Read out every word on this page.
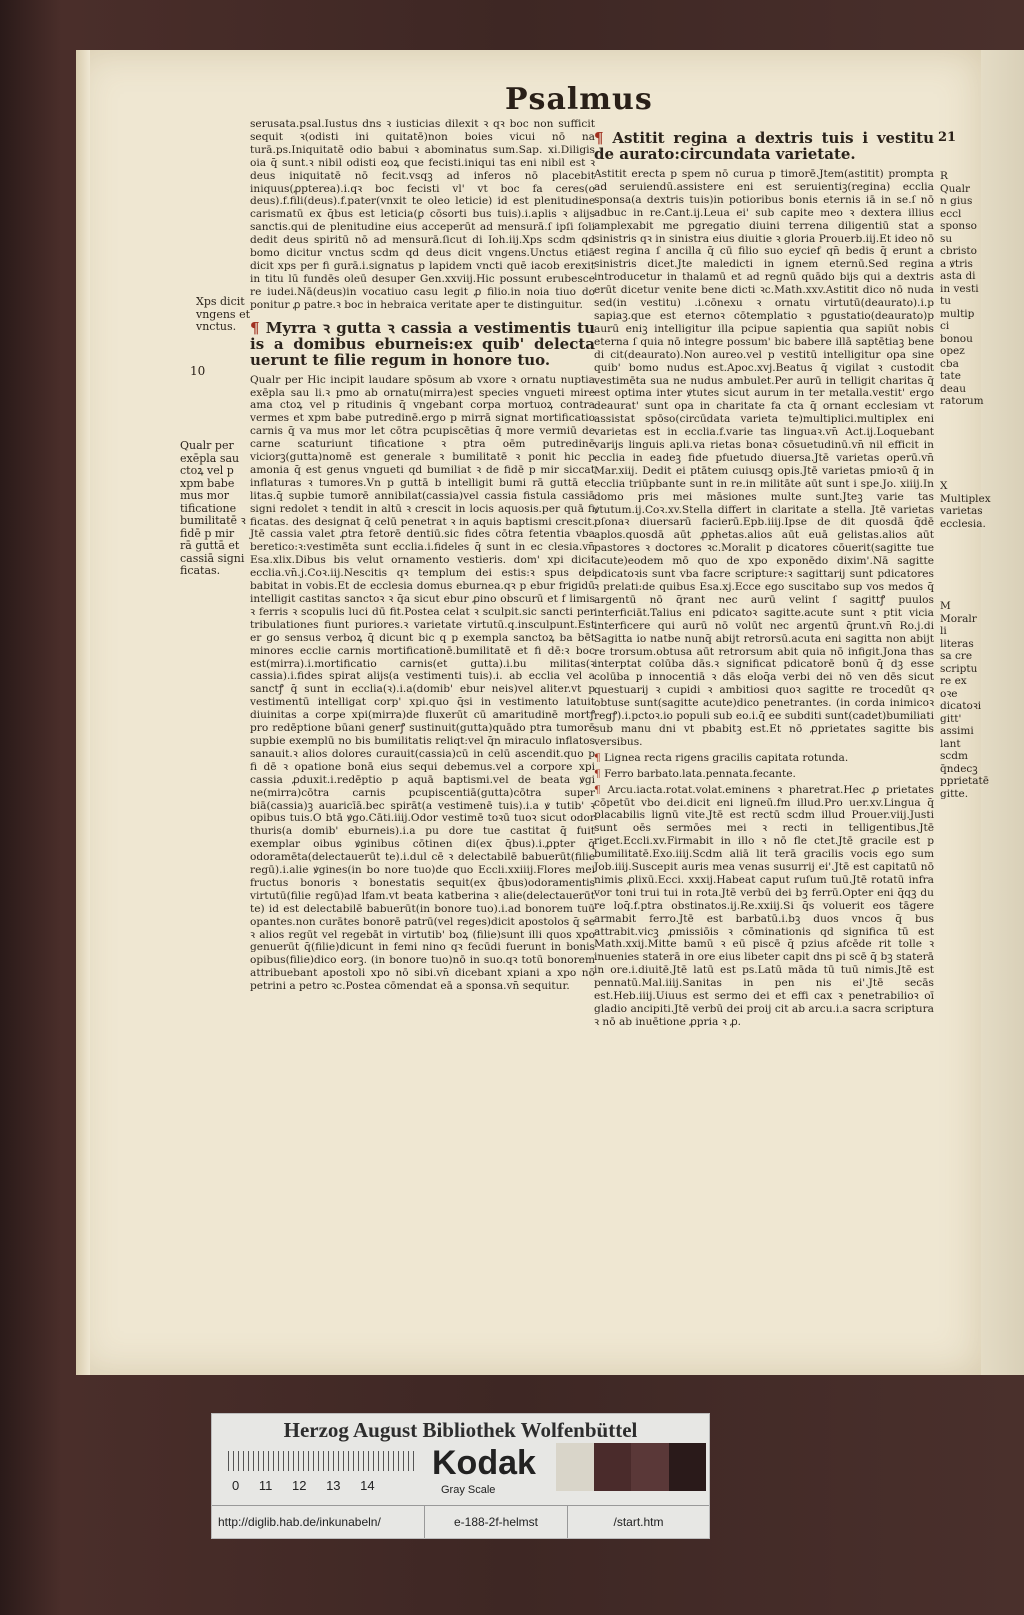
Psalmus
21
10
Xps dicit vngens et vnctus.
Qualr per exēpla sau ctoꝝ vel p xpm babe mus mor tificatione bumilitatē ꝛ fidē p mir rā guttā et cassiā signi ficatas.

serusata.psal.Iustus dns ꝛ iusticias dilexit ꝛ qꝛ boc non sufficit sequit ꝛ(odisti ini quitatē)non boies vicui nō na turā.ps.Iniquitatē odio babui ꝛ abominatus sum.Sap. xi.Diligis oia q̄ sunt.ꝛ nibil odisti eoꝝ que fecisti.iniqui tas eni nibil est ꝛ deus iniquitatē nō fecit.vsqꝫ ad inferos nō placebit iniquus(ꝓpterea).i.qꝛ boc fecisti vl' vt boc fa ceres(o deus).f.fili(deus).f.pater(vnxit te oleo leticie) id est plenitudine carismatū ex q̄bus est leticia(ꝑ cōsorti bus tuis).i.aplis ꝛ alijs sanctis.qui de plenitudine eius acceperūt ad mensurā.ſ ipſi ſoli dedit deus spiritū nō ad mensurā.ſicut di Ioh.iij.Xps scdm qd bomo dicitur vnctus scdm qd deus dicit vngens.Unctus etiā dicit xps per fi gurā.i.signatus p lapidem vncti quē iacob erexit in titu lū fundēs oleū desuper Gen.xxviij.Hic possunt erubesce re iudei.Nā(deus)in vocatiuo casu legit ꝓ filio.in noia tiuo do ponitur ꝓ patre.ꝛ boc in hebraica veritate aper te distinguitur.

¶ Myrra ꝛ gutta ꝛ cassia a vestimentis tu is a domibus eburneis:ex quib' delecta uerunt te filie regum in honore tuo.

Qualr per Hic incipit laudare spōsum ab vxore ꝛ ornatu nuptia exēpla sau li.ꝛ pmo ab ornatu(mirra)est species vngueti mire ama ctoꝝ vel p ritudinis q̄ vngebant corpa mortuoꝝ contra vermes et xpm babe putredinē.ergo p mirrā signat mortificatio carnis q̄ va mus mor let cōtra pcupiscētias q̄ more vermiū de carne scaturiunt tificatione ꝛ ptra oēm putredinē viciorꝫ(gutta)nomē est generale ꝛ bumilitatē ꝛ ponit hic p amonia q̄ est genus vngueti qd bumiliat ꝛ de fidē p mir siccat inflaturas ꝛ tumores.Vn p guttā b intelligit bumi rā guttā et litas.q̄ supbie tumorē annibilat(cassia)vel cassia fistula cassiā signi redolet ꝛ tendit in altū ꝛ crescit in locis aquosis.per quā fi ficatas. des designat q̄ celū penetrat ꝛ in aquis baptismi crescit. Jtē cassia valet ꝓtra fetorē dentiū.sic fides cōtra fetentia vba beretico:ꝛ:vestimēta sunt ecclia.i.fideles q̄ sunt in ec clesia.vn̄ Esa.xlix.Dibus bis velut ornamento vestieris. dom' xpi dicit ecclia.vn̄.j.Coꝛ.iij.Nescitis qꝛ templum dei estis:ꝛ spus dei babitat in vobis.Et de ecclesia domus eburnea.qꝛ p ebur frigidū intelligit castitas sanctoꝛ ꝛ q̄a sicut ebur ꝓino obscurū et f limis ꝛ ferris ꝛ scopulis luci dū fit.Postea celat ꝛ sculpit.sic sancti per tribulationes fiunt puriores.ꝛ varietate virtutū.q.insculpunt.Est er go sensus verboꝝ q̄ dicunt bic q p exempla sanctoꝝ ba bēt minores ecclie carnis mortificationē.bumilitatē et fi dē:ꝛ boc est(mirra).i.mortificatio carnis(et gutta).i.bu militas(ꝛ cassia).i.fides spirat alijs(a vestimenti tuis).i. ab ecclia vel a sanctꝭ q̄ sunt in ecclia(ꝛ).i.a(domib' ebur neis)vel aliter.vt p vestimentū intelligat corp' xpi.quo q̄si in vestimento latuit diuinitas a corpe xpi(mirra)de fluxerūt cū amaritudinē mortꝭ pro redēptione būani generꝭ sustinuit(gutta)quādo ptra tumorē supbie exemplū no bis bumilitatis reliqt:vel q̄n miraculo inflatos sanauit.ꝛ alios dolores curauit(cassia)cū in celū ascendit.quo p fi dē ꝛ opatione bonā eius sequi debemus.vel a corpore xpi cassia ꝓduxit.i.redēptio p aquā baptismi.vel de beata ꝟgi ne(mirra)cōtra carnis pcupiscentiā(gutta)cōtra super biā(cassia)ꝫ auaricīā.bec spirāt(a vestimenē tuis).i.a ꝟ tutib' ꝛ opibus tuis.O btā ꝟgo.Cāti.iiij.Odor vestimē toꝛū tuoꝛ sicut odor thuris(a domib' eburneis).i.a pu dore tue castitat q̄ fuit exemplar oibus ꝟginibus cōtinen di(ex q̄bus).i.ꝓpter q̄ odoramēta(delectauerūt te).i.dul cē ꝛ delectabilē babuerūt(filie regū).i.alie ꝟgines(in bo nore tuo)de quo Eccli.xxiiij.Flores mei fructus bonoris ꝛ bonestatis sequit(ex q̄bus)odoramentis virtutū(filie regū)ad lfam.vt beata katberina ꝛ alie(delectauerūt te) id est delectabilē babuerūt(in bonore tuo).i.ad bonorem tuū opantes.non curātes bonorē patrū(vel reges)dicit apostolos q̄ se ꝛ alios regūt vel regebāt in virtutib' boꝝ (filie)sunt illi quos xpo genuerūt q̄(filie)dicunt in femi nino qꝛ fecūdi fuerunt in bonis opibus(filie)dico eorꝫ. (in bonore tuo)nō in suo.qꝛ totū bonorem attribuebant apostoli xpo nō sibi.vn̄ dicebant xpiani a xpo nō petrini a petro ꝛc.Postea cōmendat eā a sponsa.vn̄ sequitur.

¶ Astitit regina a dextris tuis i vestitu de aurato:circundata varietate.

Astitit erecta p spem nō curua p timorē.Jtem(astitit) prompta ad seruiendū.assistere eni est seruientiꝫ(regina) ecclia sponsa(a dextris tuis)in potioribus bonis eternis iā in se.ſ nō adbuc in re.Cant.ij.Leua ei' sub capite meo ꝛ dextera illius amplexabit me pgregatio diuini terrena diligentiū stat a sinistris qꝛ in sinistra eius diuitie ꝛ gloria Prouerb.iij.Et ideo nō est regina ſ ancilla q̄ cū filio suo eycief qn̄ bedis q̄ erunt a sinistris dicet.Jte maledicti in ignem eternū.Sed regina introducetur in thalamū et ad regnū quādo bijs qui a dextris erūt dicetur venite bene dicti ꝛc.Math.xxv.Astitit dico nō nuda sed(in vestitu) .i.cōnexu ꝛ ornatu virtutū(deaurato).i.p sapiaꝫ.que est eternoꝛ cōtemplatio ꝛ pgustatio(deaurato)p aurū eniꝫ intelligitur illa pcipue sapientia qua sapiūt nobis eterna ſ quia nō integre possum' bic babere illā saptētiaꝫ bene di cit(deaurato).Non aureo.vel p vestitū intelligitur opa sine quib' bomo nudus est.Apoc.xvj.Beatus q̄ vigilat ꝛ custodit vestimēta sua ne nudus ambulet.Per aurū in telligit charitas q̄ est optima inter ꝟtutes sicut aurum in ter metalla.vestit' ergo deaurat' sunt opa in charitate fa cta q̄ ornant ecclesiam vt assistat spōso(circūdata varieta te)multiplici.multiplex eni varietas est in ecclia.f.varie tas linguaꝛ.vn̄ Act.ij.Loquebant varijs linguis apli.va rietas bonaꝛ cōsuetudinū.vn̄ nil efficit in ecclia in eadeꝫ fide pfuetudo diuersa.Jtē varietas operū.vn̄ Mar.xiij. Dedit ei ptātem cuiusqꝫ opis.Jtē varietas pmioꝛū q̄ in ecclia triūpbante sunt in re.in militāte aūt sunt i spe.Jo. xiiij.In domo pris mei māsiones multe sunt.Jteꝫ varie tas ꝟtutum.ij.Coꝛ.xv.Stella differt in claritate a stella. Jtē varietas pſonaꝛ diuersarū facierū.Epb.iiij.Ipse de dit quosdā q̄dē aplos.quosdā aūt ꝓphetas.alios aūt euā gelistas.alios aūt pastores ꝛ doctores ꝛc.Moralit p dicatores cōuerit(sagitte tue acute)eodem mō quo de xpo exponēdo dixim'.Nā sagitte pdicatoꝛis sunt vba facre scripture:ꝛ sagittarij sunt pdicatores ꝛ prelati:de quibus Esa.xj.Ecce ego suscitabo sup vos medos q̄ argentū nō q̄rant nec aurū velint ſ sagittꝭ puulos interficiāt.Talius eni pdicatoꝛ sagitte.acute sunt ꝛ ptit vicia interficere qui aurū nō volūt nec argentū q̄runt.vn̄ Ro.j.di Sagitta io natbe nunq̄ abijt retrorsū.acuta eni sagitta non abijt re trorsum.obtusa aūt retrorsum abit quia nō infigit.Jona thas interptat colūba dās.ꝛ significat pdicatorē bonū q̄ dꝫ esse colūba p innocentiā ꝛ dās eloq̄a verbi dei nō ven dēs sicut questuarij ꝛ cupidi ꝛ ambitiosi quoꝛ sagitte re trocedūt qꝛ obtuse sunt(sagitte acute)dico penetrantes. (in corda inimicoꝛ regꝭ).i.pctoꝛ.io populi sub eo.i.q̄ ee subditi sunt(cadet)bumiliati sub manu dni vt pbabitꝫ est.Et nō ꝓprietates sagitte bis versibus.

¶ Lignea recta rigens gracilis capitata rotunda.

¶ Ferro barbato.lata.pennata.fecante.

¶ Arcu.iacta.rotat.volat.eminens ꝛ pharetrat.Hec ꝓ prietates cōpetūt vbo dei.dicit eni ligneū.fm illud.Pro uer.xv.Lingua q̄ placabilis lignū vite.Jtē est rectū scdm illud Prouer.viij.Justi sunt oēs sermōes mei ꝛ recti in telligentibus.Jtē riget.Eccli.xv.Firmabit in illo ꝛ nō fle ctet.Jtē gracile est p bumilitatē.Exo.iiij.Scdm aliā lit terā gracilis vocis ego sum Job.iiij.Suscepit auris mea venas susurrij ei'.Jtē est capitatū nō nimis ꝓlixū.Ecci. xxxij.Habeat caput ruſum tuū.Jtē rotatū infra vor toni trui tui in rota.Jtē verbū dei bꝫ ferrū.Opter eni q̄qꝫ du re loq̄.f.ptra obstinatos.ij.Re.xxiij.Si q̄s voluerit eos tāgere armabit ferro.Jtē est barbatū.i.bꝫ duos vncos q̄ bus attrabit.vicꝫ ꝓmissiōis ꝛ cōminationis qd significa tū est Math.xxij.Mitte bamū ꝛ eū piscē q̄ pzius afcēde rit tolle ꝛ inuenies staterā in ore eius libeter capit dns pi scē q̄ bꝫ staterā in ore.i.diuitē.Jtē latū est ps.Latū māda tū tuū nimis.Jtē est pennatū.Mal.iiij.Sanitas in pen nis ei'.Jtē secās est.Heb.iiij.Uiuus est sermo dei et effi cax ꝛ penetrabilioꝛ oī gladio ancipiti.Jtē verbū dei proij cit ab arcu.i.a sacra scriptura ꝛ nō ab inuētione ꝓpria ꝛ ꝓ.

R Qualr n gius eccl sponso su cbristo a ꝟtris asta di in vesti tu multip ci bonou opez cba tate deau ratorum
X Multiplex varietas ecclesia.
M Moralr li literas sa cre scriptu re ex oꝛe dicatoꝛi gitt' assimi lant scdm q̄ndecꝫ pprietatē gitte.
Herzog August Bibliothek Wolfenbüttel
0 11 12 13 14
Kodak
Gray Scale
http://diglib.hab.de/inkunabeln/	e-188-2f-helmst	/start.htm
